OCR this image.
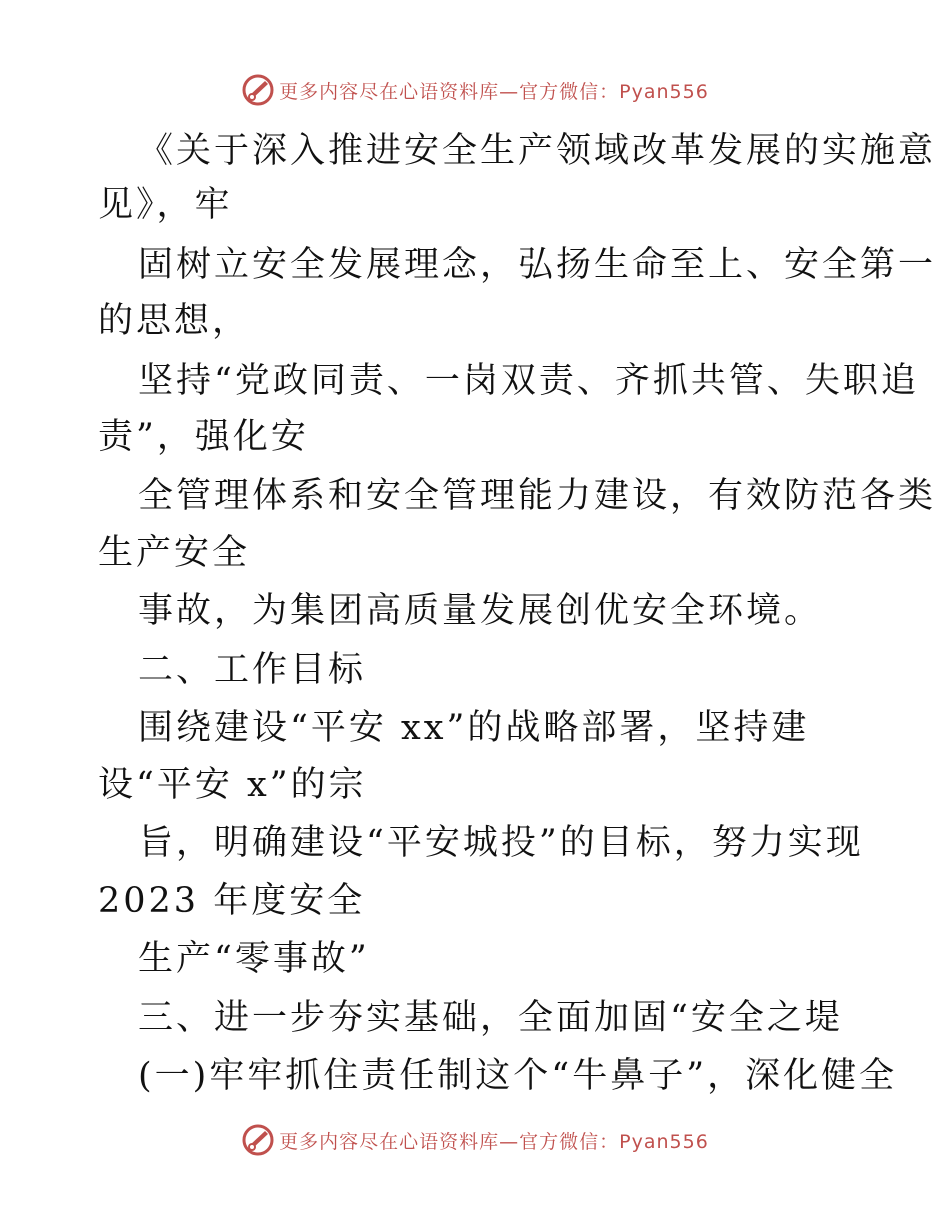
更多内容尽在心语资料库—官方微信：Pyan556
《关于深入推进安全生产领域改革发展的实施意
见》，牢
固树立安全发展理念，弘扬生命至上、安全第一
的思想，
坚持“党政同责、一岗双责、齐抓共管、失职追
责”，强化安
全管理体系和安全管理能力建设，有效防范各类
生产安全
事故，为集团高质量发展创优安全环境。
二、工作目标
围绕建设“平安 xx”的战略部署，坚持建
设“平安 x”的宗
旨，明确建设“平安城投”的目标，努力实现
2023 年度安全
生产“零事故”
三、进一步夯实基础，全面加固“安全之堤
(一)牢牢抓住责任制这个“牛鼻子”，深化健全
更多内容尽在心语资料库—官方微信：Pyan556
